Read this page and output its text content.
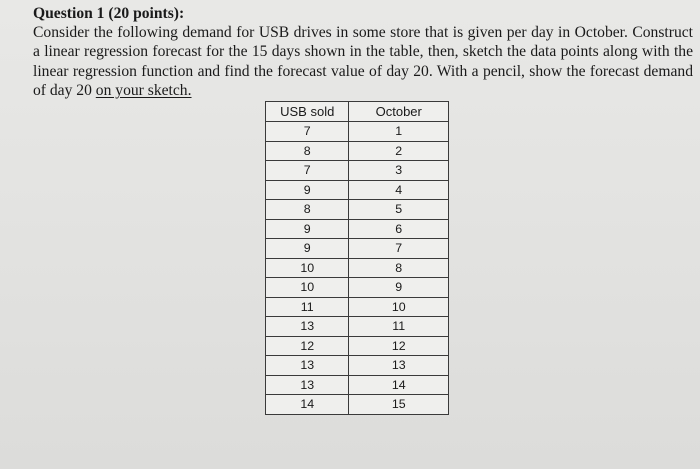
Question 1 (20 points):
Consider the following demand for USB drives in some store that is given per day in October. Construct a linear regression forecast for the 15 days shown in the table, then, sketch the data points along with the linear regression function and find the forecast value of day 20. With a pencil, show the forecast demand of day 20 on your sketch.
USB sold	October
7	1
8	2
7	3
9	4
8	5
9	6
9	7
10	8
10	9
11	10
13	11
12	12
13	13
13	14
14	15
